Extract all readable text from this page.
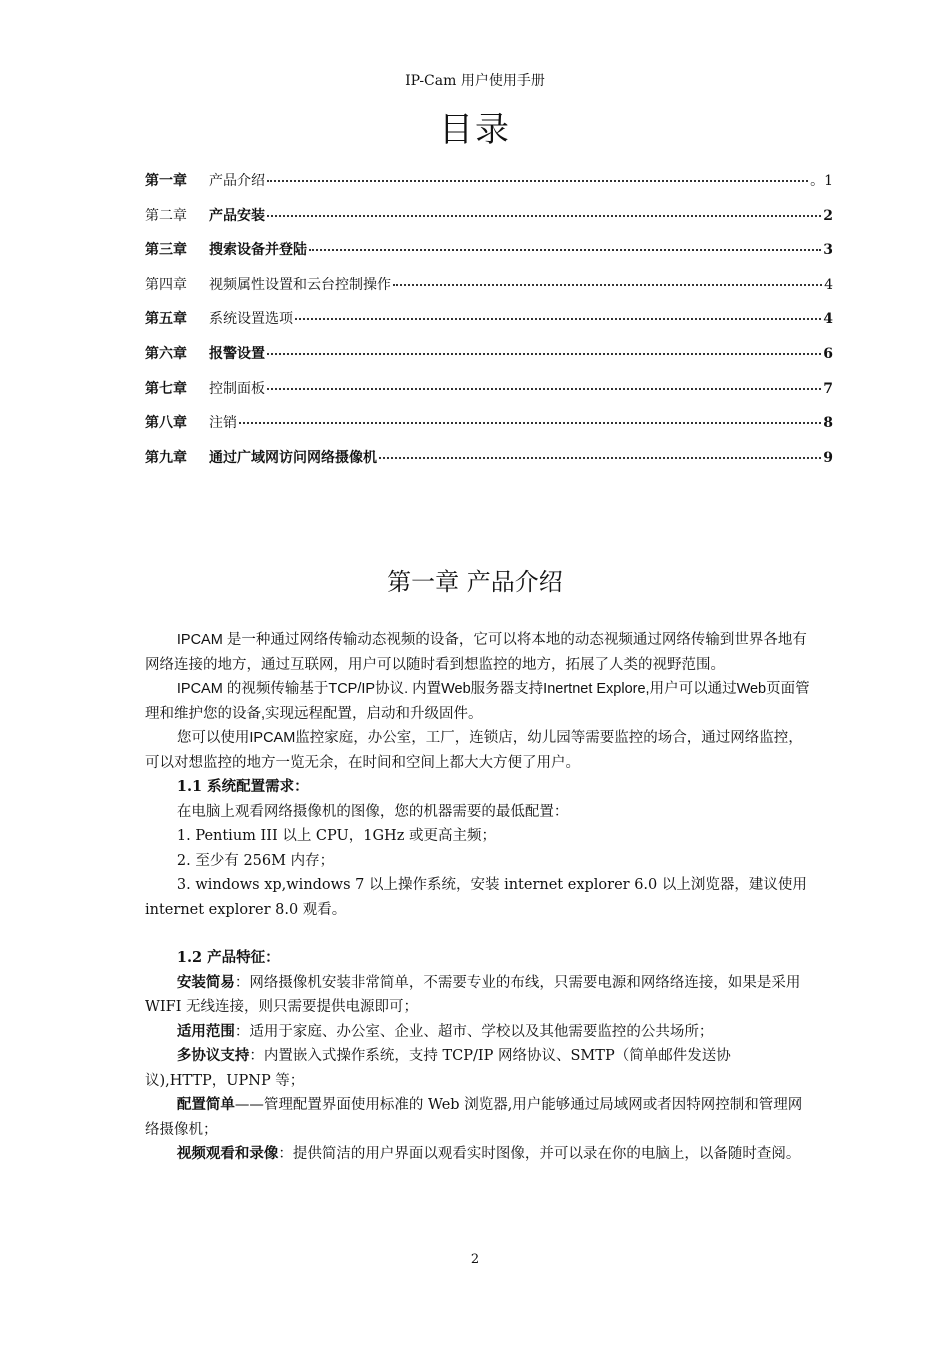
IP-Cam 用户使用手册
目录
第一章	产品介绍	。1
第二章	产品安装	2
第三章	搜索设备并登陆	3
第四章	视频属性设置和云台控制操作	4
第五章	系统设置选项	4
第六章	报警设置	6
第七章	控制面板	7
第八章	注销	8
第九章	通过广域网访问网络摄像机	9
第一章 产品介绍

IPCAM 是一种通过网络传输动态视频的设备，它可以将本地的动态视频通过网络传输到世界各地有网络连接的地方，通过互联网，用户可以随时看到想监控的地方，拓展了人类的视野范围。

IPCAM 的视频传输基于TCP/IP协议. 内置Web服务器支持Inertnet Explore,用户可以通过Web页面管理和维护您的设备,实现远程配置，启动和升级固件。

您可以使用IPCAM监控家庭，办公室，工厂，连锁店，幼儿园等需要监控的场合，通过网络监控，可以对想监控的地方一览无余，在时间和空间上都大大方便了用户。

1.1 系统配置需求：

在电脑上观看网络摄像机的图像，您的机器需要的最低配置：

1. Pentium III 以上 CPU，1GHz 或更高主频；

2. 至少有 256M 内存；

3. windows xp,windows 7 以上操作系统，安装 internet explorer 6.0 以上浏览器，建议使用 internet explorer 8.0 观看。

1.2 产品特征：

安装简易：网络摄像机安装非常简单，不需要专业的布线，只需要电源和网络络连接，如果是采用 WIFI 无线连接，则只需要提供电源即可；

适用范围：适用于家庭、办公室、企业、超市、学校以及其他需要监控的公共场所；

多协议支持：内置嵌入式操作系统，支持 TCP/IP 网络协议、SMTP（简单邮件发送协议),HTTP，UPNP 等；

配置简单——管理配置界面使用标准的 Web 浏览器,用户能够通过局域网或者因特网控制和管理网络摄像机；

视频观看和录像：提供简洁的用户界面以观看实时图像，并可以录在你的电脑上，以备随时查阅。

2
